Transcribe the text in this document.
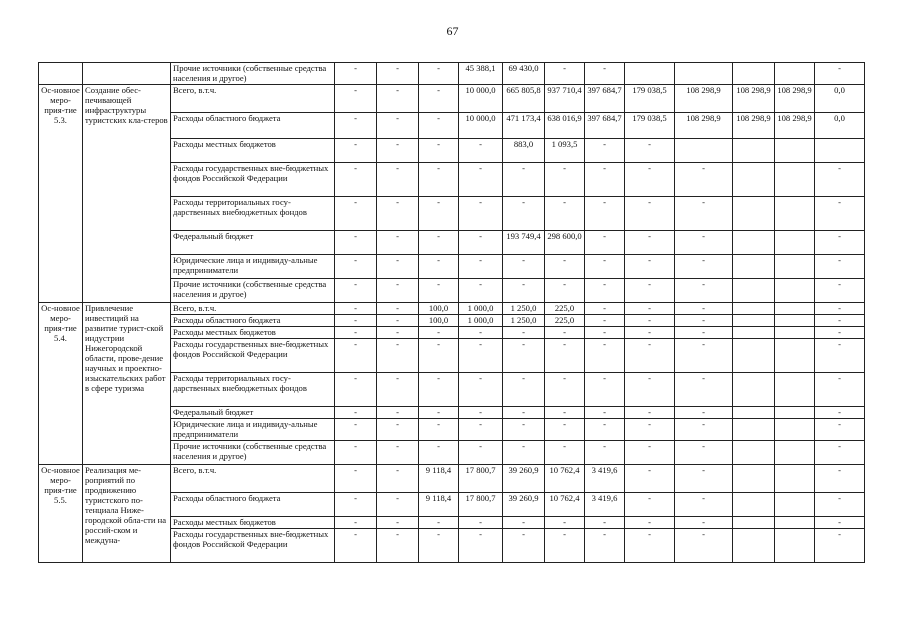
67
		Прочие источники (собственные средства населения и другое)	-	-	-	45 388,1	69 430,0	-	-					-
Ос-новное меро-прия-тие 5.3.	Создание обес-печивающей инфраструктуры туристских кла-стеров	Всего, в.т.ч.	-	-	-	10 000,0	665 805,8	937 710,4	397 684,7	179 038,5	108 298,9	108 298,9	108 298,9	0,0
		Расходы областного бюджета	-	-	-	10 000,0	471 173,4	638 016,9	397 684,7	179 038,5	108 298,9	108 298,9	108 298,9	0,0
		Расходы местных бюджетов	-	-	-	-	883,0	1 093,5	-	-				
		Расходы государственных вне-бюджетных фондов Российской Федерации	-	-	-	-	-	-	-	-	-			-
		Расходы территориальных госу-дарственных внебюджетных фондов	-	-	-	-	-	-	-	-	-			-
		Федеральный бюджет	-	-	-	-	193 749,4	298 600,0	-	-	-			-
		Юридические лица и индивиду-альные предприниматели	-	-	-	-	-	-	-	-	-			-
		Прочие источники (собственные средства населения и другое)	-	-	-	-	-	-	-	-	-			-
Ос-новное меро-прия-тие 5.4.	Привлечение инвестиций на развитие турист-ской индустрии Нижегородской области, прове-дение научных и проектно-изыскательских работ в сфере туризма	Всего, в.т.ч.	-	-	100,0	1 000,0	1 250,0	225,0	-	-	-			-
		Расходы областного бюджета	-	-	100,0	1 000,0	1 250,0	225,0	-	-	-			-
		Расходы местных бюджетов	-	-	-	-	-	-	-	-	-			-
		Расходы государственных вне-бюджетных фондов Российской Федерации	-	-	-	-	-	-	-	-	-			-
		Расходы территориальных госу-дарственных внебюджетных фондов	-	-	-	-	-	-	-	-	-			-
		Федеральный бюджет	-	-	-	-	-	-	-	-	-			-
		Юридические лица и индивиду-альные предприниматели	-	-	-	-	-	-	-	-	-			-
		Прочие источники (собственные средства населения и другое)	-	-	-	-	-	-	-	-	-			-
Ос-новное меро-прия-тие 5.5.	Реализация ме-роприятий по продвижению туристского по-тенциала Ниже-городской обла-сти на россий-ском и междуна-	Всего, в.т.ч.	-	-	9 118,4	17 800,7	39 260,9	10 762,4	3 419,6	-	-			-
		Расходы областного бюджета	-	-	9 118,4	17 800,7	39 260,9	10 762,4	3 419,6	-	-			-
		Расходы местных бюджетов	-	-	-	-	-	-	-	-	-			-
		Расходы государственных вне-бюджетных фондов Российской Федерации	-	-	-	-	-	-	-	-	-			-
